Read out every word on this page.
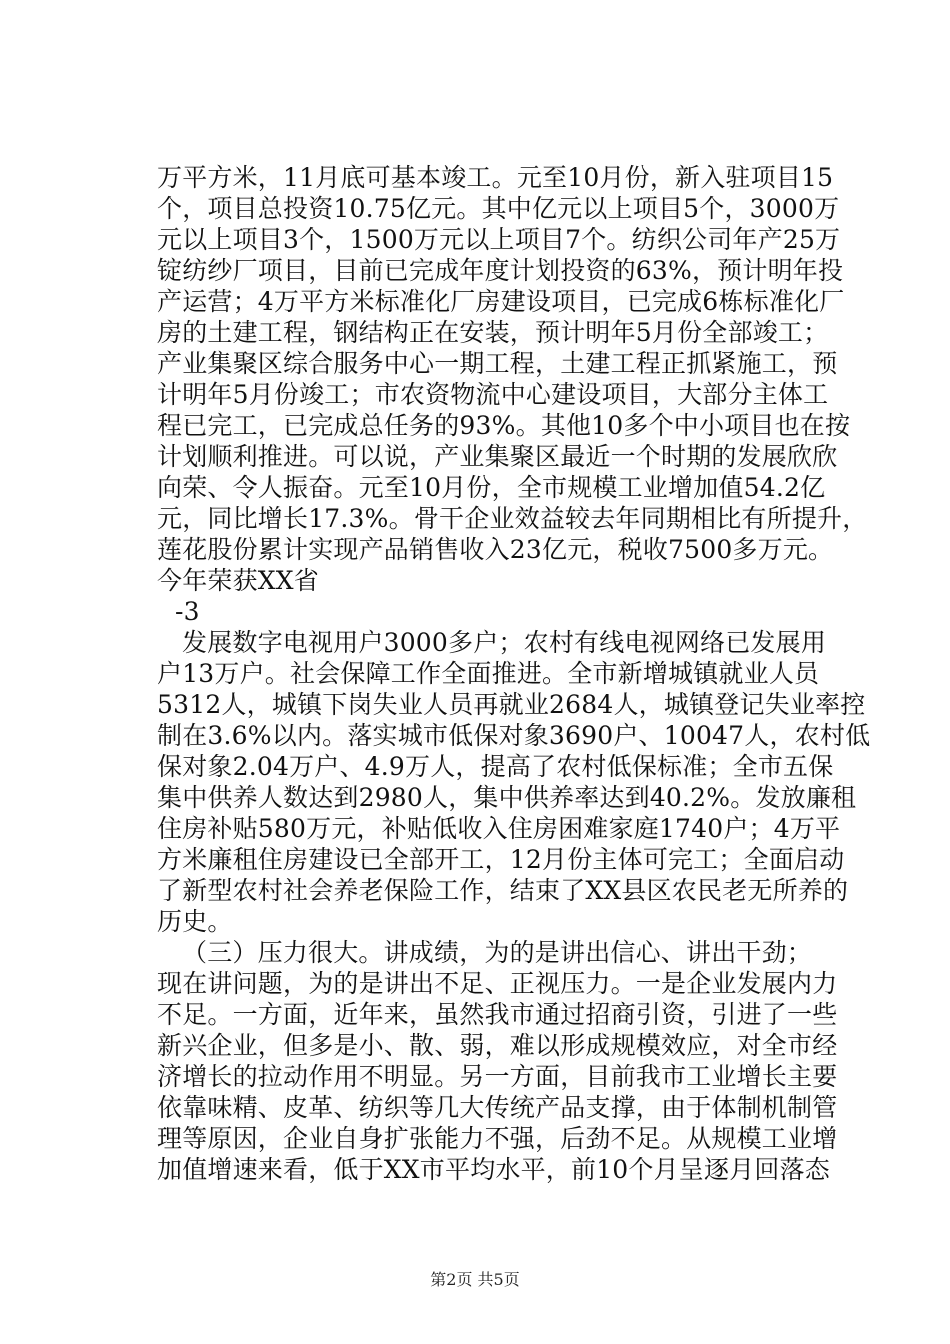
万平方米，11月底可基本竣工。元至10月份，新入驻项目15
个，项目总投资10.75亿元。其中亿元以上项目5个，3000万
元以上项目3个，1500万元以上项目7个。纺织公司年产25万
锭纺纱厂项目，目前已完成年度计划投资的63%，预计明年投
产运营；4万平方米标准化厂房建设项目，已完成6栋标准化厂
房的土建工程，钢结构正在安装，预计明年5月份全部竣工；
产业集聚区综合服务中心一期工程，土建工程正抓紧施工，预
计明年5月份竣工；市农资物流中心建设项目，大部分主体工
程已完工，已完成总任务的93%。其他10多个中小项目也在按
计划顺利推进。可以说，产业集聚区最近一个时期的发展欣欣
向荣、令人振奋。元至10月份，全市规模工业增加值54.2亿
元，同比增长17.3%。骨干企业效益较去年同期相比有所提升，
莲花股份累计实现产品销售收入23亿元，税收7500多万元。
今年荣获XX省
-3
发展数字电视用户3000多户；农村有线电视网络已发展用
户13万户。社会保障工作全面推进。全市新增城镇就业人员
5312人，城镇下岗失业人员再就业2684人，城镇登记失业率控
制在3.6%以内。落实城市低保对象3690户、10047人，农村低
保对象2.04万户、4.9万人，提高了农村低保标准；全市五保
集中供养人数达到2980人，集中供养率达到40.2%。发放廉租
住房补贴580万元，补贴低收入住房困难家庭1740户；4万平
方米廉租住房建设已全部开工，12月份主体可完工；全面启动
了新型农村社会养老保险工作，结束了XX县区农民老无所养的
历史。
（三）压力很大。讲成绩，为的是讲出信心、讲出干劲；
现在讲问题，为的是讲出不足、正视压力。一是企业发展内力
不足。一方面，近年来，虽然我市通过招商引资，引进了一些
新兴企业，但多是小、散、弱，难以形成规模效应，对全市经
济增长的拉动作用不明显。另一方面，目前我市工业增长主要
依靠味精、皮革、纺织等几大传统产品支撑，由于体制机制管
理等原因，企业自身扩张能力不强，后劲不足。从规模工业增
加值增速来看，低于XX市平均水平，前10个月呈逐月回落态
第2页 共5页
